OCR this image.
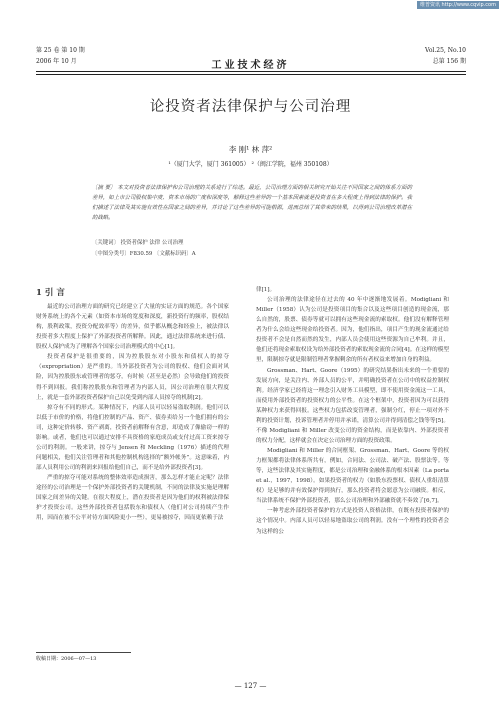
维普资讯 http://www.cqvip.com
第 25 卷 第 10 期
2006 年 10 月	工业技术经济
Vol.25, No.10
总第 156 期
论投资者法律保护与公司治理
李 刚¹ 林 萍²
¹（厦门大学，厦门 361005） ²（闽江学院，福州 350108）
〔摘 要〕 本文对投资者法律保护和公司治理的关系进行了综述。最近，公司治理方面的相关研究开始关注不同国家之间的体系方面的差异，如上市公司股权集中度、资本市场的广度和深度等，解释这些差异的一个基本因素就是投资者在多大程度上得到法律的保护。我们描述了法律及其实施有效性在国家之间的差异，并讨论了这些差异的可能根源，进而总结了其带来的结果，以得到公司治理改革潜在的战略。
〔关键词〕 投资者保护 法律 公司治理
〔中图分类号〕F830.59 〔文献标识码〕A
1 引 言

最近的公司治理方面的研究已经建立了大量的实证方面的规范。各个国家财务系统上的各个元素（如资本市场的宽度和深度，新投资行的频率，股权结构，股利政策，投资分配效率等）的差异，似乎都从概念和经验上，被法律以投资者多大程度上保护了外部投资者所解释。因此，通过法律系统来进行债、股权人保护成为了理解各个国家公司治理模式的中心[1]。

投资者保护是很重要的，因为控股股东对小股东和债权人的掠夺（expropriation）是严重的。当外部投资者为公司的股权、他们会面对风险，因为控股股东或管理者的惩夺，有时候（甚至是必然）会导致他们的投资得不到回报。我们称控股股东和管理者为内部人员，因公司治理在很大程度上，就是一套外部投资者保护自己以免受到内部人员掠夺的机制[2]。

掠夺有不同的形式。某种情况下，内部人员可以轻易盗取利润。他们可以以低于市价的价格，将他们控制的产品、资产、债券卖给另一个他们拥有的公司，这种定价转移、资产剥离，投资者前解释有含意，却造成了像偷窃一样的影响。或者，他们也可以通过安排不具资格的家庭成员或支付过高工资来掠夺公司的利润。一般来讲，掠夺与 Jensen 和 Meckling（1976）描述的代理问题相关，他们关注管理者和其他控制机构选择的“额外帐务”。这意味着，内部人员利用公司的利润来回报给他们自己，而不是给外部投资者[3]。

严重的掠夺可能对系统的整体效率造成损害，那么怎样才能止定呢？法律途径的公司治理是一个保护外部投资者的关键机制，不同的法律及实施是理解国家之间差异的关键。在很大程度上，潜在投资者是因为他们的权利被法律保护才投资公司。这些外部投资者包括股东和债权人（他们对公司持续产生作用，因而在被不公平对待方面风险更小一些），更易被掠夺，因而更依赖于法

律[1]。

公司治理的法律途径在过去的 40 年中逐渐地发展着。Modigliani 和 Miller（1958）认为公司是投资项目的集合以及这些项目创造的现金流，那么自然的，股票、债券等就可以拥有这些现金流的索取权。他们没有解释管理者为什么会给这些现金给投资者。因为，他们指出，项目产生的现金流通过给投资者不会是自然而然的发生，内部人员会使用这些资源为自己牟利。并且，他们还将现金索取权设为给外部投资者的索取现金流的合同[4]。在这样的模型里，限制掠夺就是限制管理者掌握剩余的所有者权益来增加自身的利益。

Grossman、Hart、Goore（1995）的研究结果指出未来的一个重要的发展方向，是关注内、外部人员的公平，并明确投资者在公司中的权益控制权利。经济学家已经将这一理念引入财务工具模型，即不使用资金流这一工具，而使用外部投资者的投资权力的公平性。在这个框架中，投资者因为可以获得某种权力来获得回报。这些权力包括改变管理者，强制分红，停止一项对外不利的投资计划，投诉管理者并停用并承诺，清算公司并得到清偿之钱等等[5]。不像 Modigliani 和 Miller 改变公司的资金结构，而是依靠内、外部投资者的权力分配，这样就会在决定公司治理方面的投资政策。

Modigliani 和 Miller 的合同框架、Grossman、Hart、Goore 等的权力框架都将法律体系所共有，例如，合同法、公司法、破产法、股票法等。等等，这些法律及其实施程度，都是公司治理和金融体系的根本因素（La porta et al.，1997，1998）。如果投资者的权力（如股东投票权、债权人重组清算权）是足够的并有效保护得到执行，那么投资者将会愿意为公司融资。相反，当法律系统不保护外部投资者，那么公司治理和外部融资就不奏效了[6,7]。

一种考虑外部投资者保护的方式是投资人资格法律，在既有投资者保护的这个情况中。内部人员可以轻易地盗取公司的利润。没有一个理性的投资者会为这样的公

收稿日期：2006—07—13
— 127 —
